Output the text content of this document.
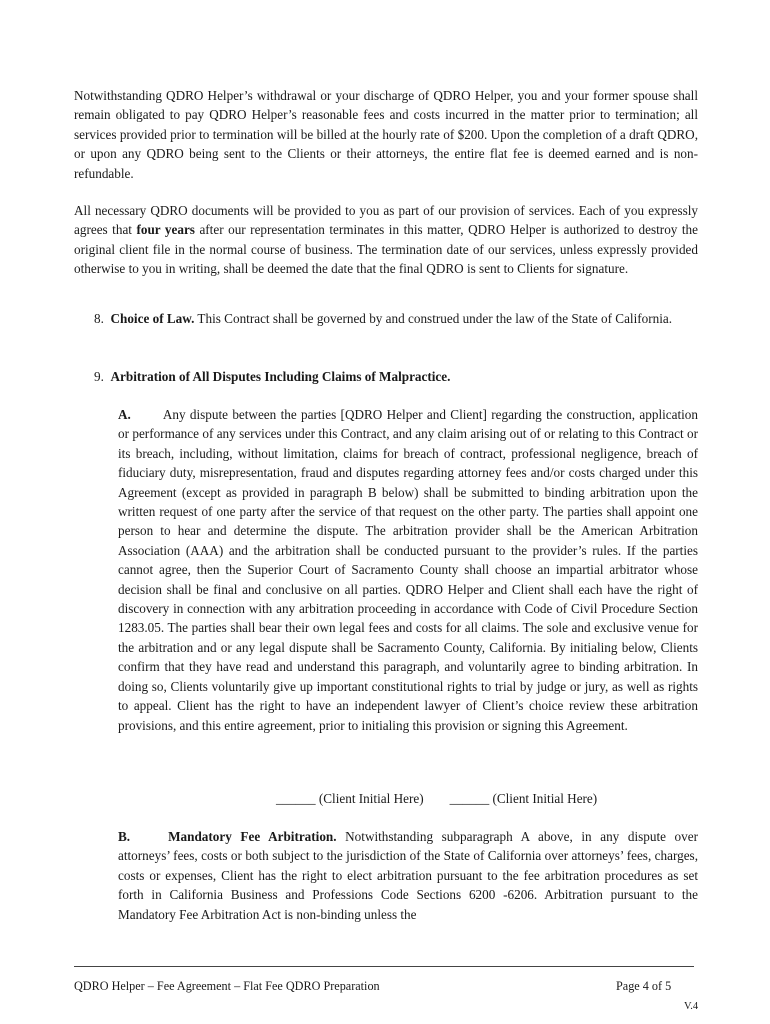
Notwithstanding QDRO Helper’s withdrawal or your discharge of QDRO Helper, you and your former spouse shall remain obligated to pay QDRO Helper’s reasonable fees and costs incurred in the matter prior to termination; all services provided prior to termination will be billed at the hourly rate of $200. Upon the completion of a draft QDRO, or upon any QDRO being sent to the Clients or their attorneys, the entire flat fee is deemed earned and is non-refundable.

All necessary QDRO documents will be provided to you as part of our provision of services. Each of you expressly agrees that four years after our representation terminates in this matter, QDRO Helper is authorized to destroy the original client file in the normal course of business. The termination date of our services, unless expressly provided otherwise to you in writing, shall be deemed the date that the final QDRO is sent to Clients for signature.

8. Choice of Law. This Contract shall be governed by and construed under the law of the State of California.

9. Arbitration of All Disputes Including Claims of Malpractice.

A. Any dispute between the parties [QDRO Helper and Client] regarding the construction, application or performance of any services under this Contract, and any claim arising out of or relating to this Contract or its breach, including, without limitation, claims for breach of contract, professional negligence, breach of fiduciary duty, misrepresentation, fraud and disputes regarding attorney fees and/or costs charged under this Agreement (except as provided in paragraph B below) shall be submitted to binding arbitration upon the written request of one party after the service of that request on the other party. The parties shall appoint one person to hear and determine the dispute. The arbitration provider shall be the American Arbitration Association (AAA) and the arbitration shall be conducted pursuant to the provider’s rules. If the parties cannot agree, then the Superior Court of Sacramento County shall choose an impartial arbitrator whose decision shall be final and conclusive on all parties. QDRO Helper and Client shall each have the right of discovery in connection with any arbitration proceeding in accordance with Code of Civil Procedure Section 1283.05. The parties shall bear their own legal fees and costs for all claims. The sole and exclusive venue for the arbitration and or any legal dispute shall be Sacramento County, California. By initialing below, Clients confirm that they have read and understand this paragraph, and voluntarily agree to binding arbitration. In doing so, Clients voluntarily give up important constitutional rights to trial by judge or jury, as well as rights to appeal. Client has the right to have an independent lawyer of Client’s choice review these arbitration provisions, and this entire agreement, prior to initialing this provision or signing this Agreement.

______ (Client Initial Here) ______ (Client Initial Here)

B.	Mandatory Fee Arbitration. Notwithstanding subparagraph A above, in any dispute over attorneys’ fees, costs or both subject to the jurisdiction of the State of California over attorneys’ fees, charges, costs or expenses, Client has the right to elect arbitration pursuant to the fee arbitration procedures as set forth in California Business and Professions Code Sections 6200 -6206. Arbitration pursuant to the Mandatory Fee Arbitration Act is non-binding unless the

QDRO Helper – Fee Agreement – Flat Fee QDRO Preparation	Page 4 of 5
V.4
